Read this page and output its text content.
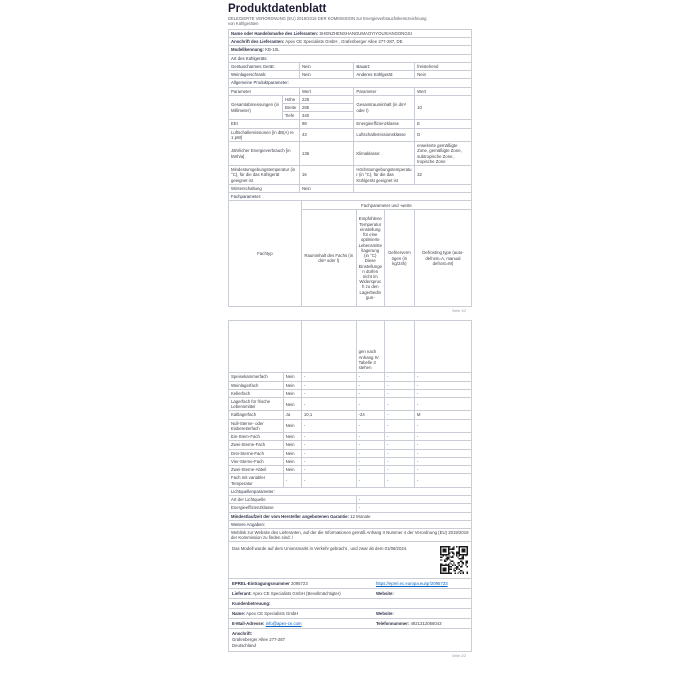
Produktdatenblatt
DELEGIERTE VERORDNUNG (EU) 2019/2016 DER KOMMISSION zur Energieverbrauchskennzeichnung von Kühlgeräten
Name oder Handelsmarke des Lieferanten: SHENZHENSHANGUMAOYIYOUXIANGONGSI
Anschrift des Lieferanten: Apex CE Specialists GmbH , Grafenberger Allee 277-287, DE
Modellkennung: KB-10L
Art des Kühlgeräts:
Geräuscharmes Gerät:	Nein	Bauart:	freistehend
Weinlagerschrank:	Nein	Anderes Kühlgerät:	Nein
Allgemeine Produktparameter:
Parameter	Wert	Parameter	Wert
Gesamtabmessungen (in Millimeter)	Höhe	225	Gesamtrauminhalt (in dm³ oder l)	10
	Breite	285		
	Tiefe	340		
EEI	98	Energieeffizienzklasse	E
Luftschallemissionen [in dB(A) re 1 pW]	43	Luftschallemissionsklasse	D
Jährlicher Energieverbrauch [in kWh/a]	136	Klimaklasse:	erweiterte gemäßigte Zone, gemäßigte Zone, subtropische Zone, tropische Zone
Mindestumgebungstemperatur (in °C), für die das Kühlgerät geeignet ist	16	Höchstumgebungstemperatur (in °C), für die das Kühlgerät geeignet ist	32
Winterschaltung	Nein		
Fachparameter:
Fachtyp	Fachparameter und -werte			
	Rauminhalt des Fachs (in dm³ oder l)	Empfohlene Temperatureinstellung für eine optimierte Lebensmittellagerung (in °C) Diese Einstellungen dürfen nicht im Widerspruch zu den Lagerbedingun-	Gefriervermögen (in kg/24h)	Defrosting type (auto-defrost=A, manual defrost=M)
Seite 1/2
			gen nach Anhang IV Tabelle 3 stehen		
Speisekammerfach	Nein	-	-	-	-
Weinlagerfach	Nein	-	-	-	-
Kellerfach	Nein	-	-	-	-
Lagerfach für frische Lebensmittel	Nein	-	-	-	-
Kaltlagerfach	Ja	10,1	-24	-	M
Null-Sterne- oder Eisbereiterfach	Nein	-	-	-	-
Ein-Stern-Fach	Nein	-	-	-	-
Zwei-Sterne-Fach	Nein	-	-	-	-
Drei-Sterne-Fach	Nein	-	-	-	-
Vier-Sterne-Fach	Nein	-	-	-	-
Zwei-Sterne-Abteil	Nein	-	-	-	-
Fach mit variabler Temperatur	-	-	-	-	-
Lichtquellenparameter:
Art der Lichtquelle	-
Energieeffizienzklasse	-
Mindestlaufzeit der vom Hersteller angebotenen Garantie: 12 Monate
Weitere Angaben:
Weblink zur Website des Lieferanten, auf der die Informationen gemäß Anhang II Nummer 4 der Verordnung (EU) 2019/2019 der Kommission zu finden sind: /
Das Modell wurde auf dem Unionsmarkt in Verkehr gebracht , und zwar ab dem 01/08/2024.
EPREL-Eintragungsnummer 2095723	https://eprel.ec.europa.eu/qr/2095723
Lieferant: Apex CE Specialists GmbH (Bevollmächtigter)	Website:
Kundenbetreuung:
Name: Apex CE Specialists GmbH	Website:
E-Mail-Adresse: info@apex-ce.com	Telefonnummer: 4921312066043
Anschrift:
Grafenberger Allee 277-287
Deutschland
Seite 2/2
